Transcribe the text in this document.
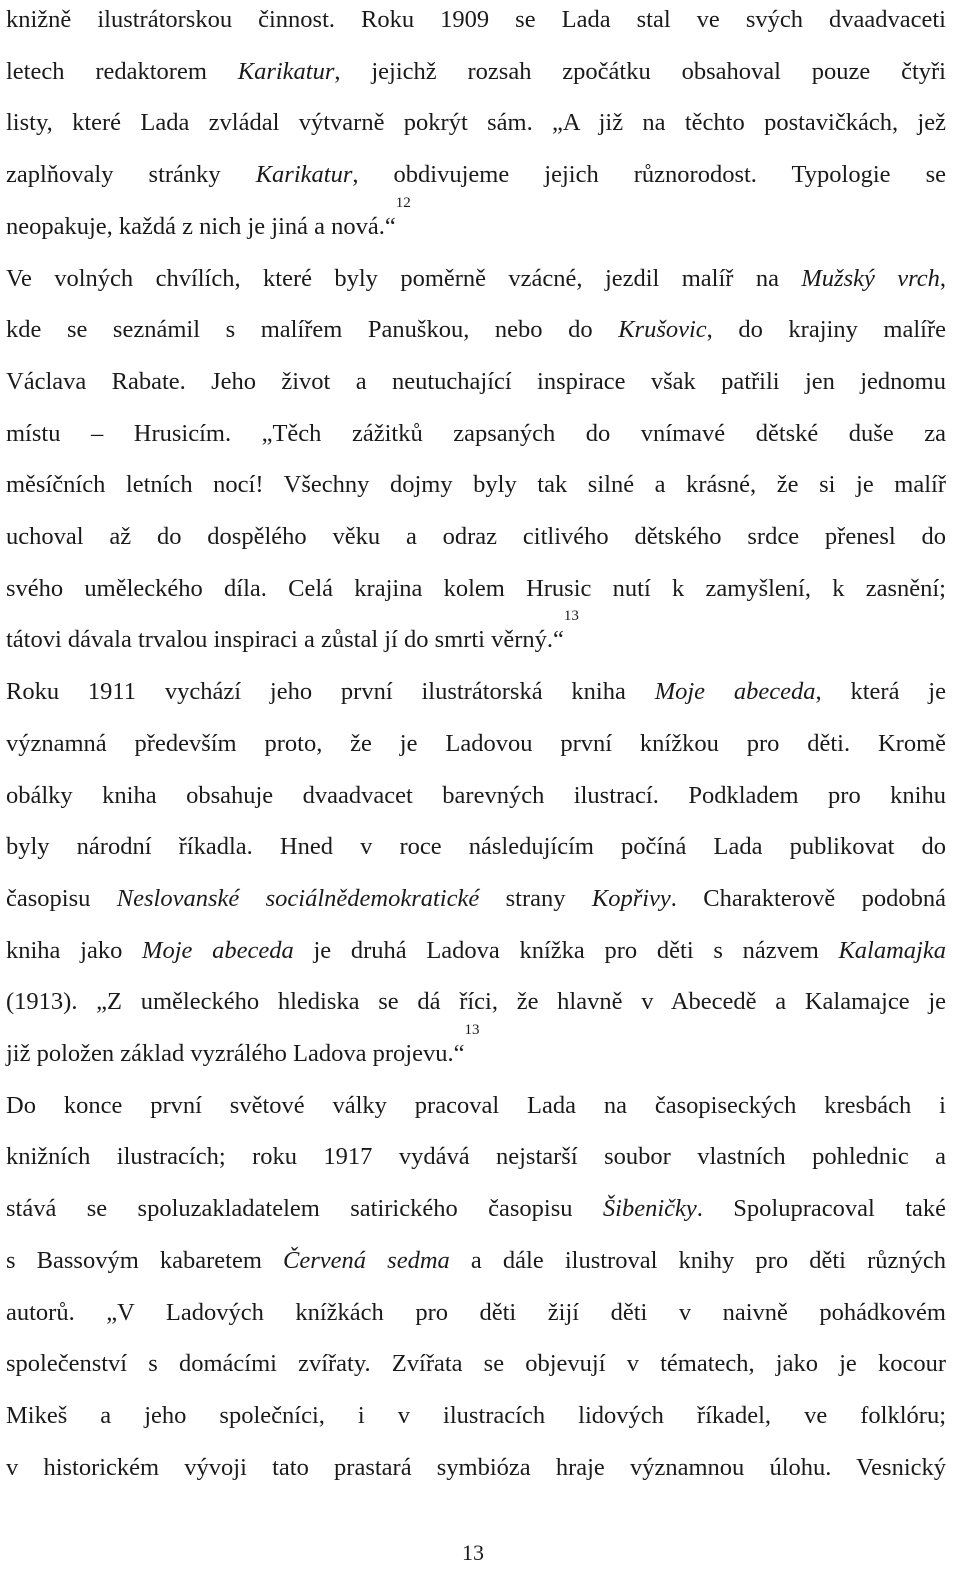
knižně ilustrátorskou činnost. Roku 1909 se Lada stal ve svých dvaadvaceti
letech redaktorem Karikatur, jejichž rozsah zpočátku obsahoval pouze čtyři
listy, které Lada zvládal výtvarně pokrýt sám. „A již na těchto postavičkách, jež
zaplňovaly stránky Karikatur, obdivujeme jejich různorodost. Typologie se
neopakuje, každá z nich je jiná a nová.“$^{12}$
Ve volných chvílích, které byly poměrně vzácné, jezdil malíř na Mužský vrch,
kde se seznámil s malířem Panuškou, nebo do Krušovic, do krajiny malíře
Václava Rabate. Jeho život a neutuchající inspirace však patřili jen jednomu
místu – Hrusicím. „Těch zážitků zapsaných do vnímavé dětské duše za
měsíčních letních nocí! Všechny dojmy byly tak silné a krásné, že si je malíř
uchoval až do dospělého věku a odraz citlivého dětského srdce přenesl do
svého uměleckého díla. Celá krajina kolem Hrusic nutí k zamyšlení, k zasnění;
tátovi dávala trvalou inspiraci a zůstal jí do smrti věrný.“$^{13}$
Roku 1911 vychází jeho první ilustrátorská kniha Moje abeceda, která je
významná především proto, že je Ladovou první knížkou pro děti. Kromě
obálky kniha obsahuje dvaadvacet barevných ilustrací. Podkladem pro knihu
byly národní říkadla. Hned v roce následujícím počíná Lada publikovat do
časopisu Neslovanské sociálnědemokratické strany Kopřivy. Charakterově podobná
kniha jako Moje abeceda je druhá Ladova knížka pro děti s názvem Kalamajka
(1913). „Z uměleckého hlediska se dá říci, že hlavně v Abecedě a Kalamajce je
již položen základ vyzrálého Ladova projevu.“$^{13}$
Do konce první světové války pracoval Lada na časopiseckých kresbách i
knižních ilustracích; roku 1917 vydává nejstarší soubor vlastních pohlednic a
stává se spoluzakladatelem satirického časopisu Šibeničky. Spolupracoval také
s Bassovým kabaretem Červená sedma a dále ilustroval knihy pro děti různých
autorů. „V Ladových knížkách pro děti žijí děti v naivně pohádkovém
společenství s domácími zvířaty. Zvířata se objevují v tématech, jako je kocour
Mikeš a jeho společníci, i v ilustracích lidových říkadel, ve folklóru;
v historickém vývoji tato prastará symbióza hraje významnou úlohu. Vesnický
13
